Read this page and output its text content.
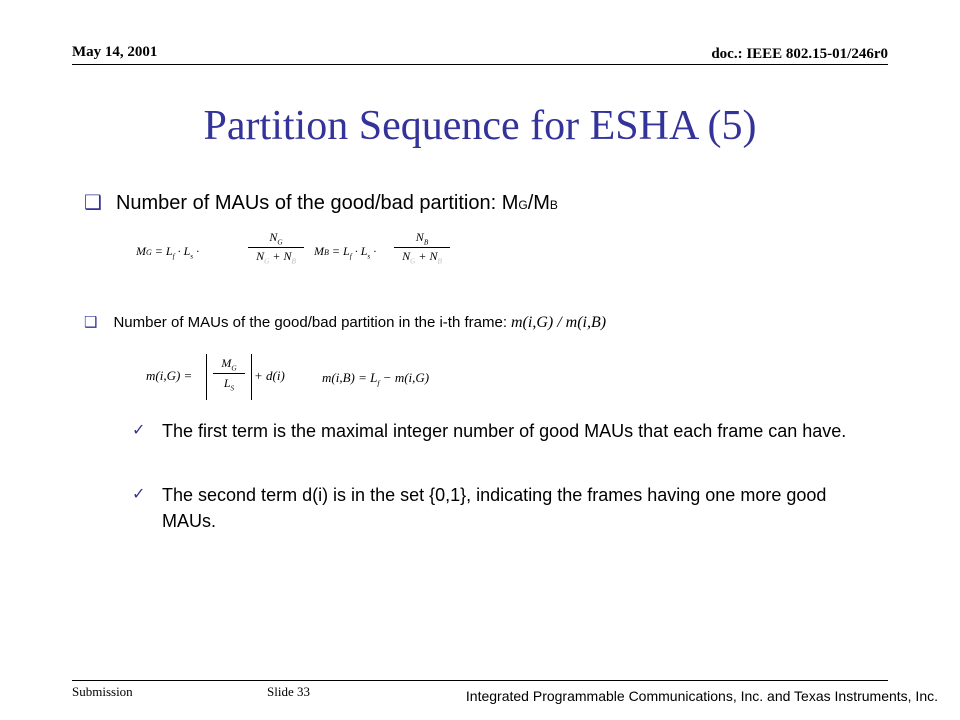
May 14, 2001	doc.: IEEE 802.15-01/246r0
Partition Sequence for ESHA (5)
❑ Number of MAUs of the good/bad partition: M G /M B
MG = $L_f \cdot L_s$ ·
$N_G$
$N_G + N_B$
MB = $L_f \cdot L_s$ ·
$N_B$
$N_G + N_B$
❑ Number of MAUs of the good/bad partition in the i-th frame: m(i,G) / m(i,B)
m(i,G) =
$M_G$
$L_S$
+ d(i)	$m(i,B) = L_f - m(i,G)$
✓ The first term is the maximal integer number of good MAUs that each frame can have.
✓ The second term d(i) is in the set {0,1}, indicating the frames having one more good MAUs.
Submission	Slide 33	Integrated Programmable Communications, Inc. and Texas Instruments, Inc.
